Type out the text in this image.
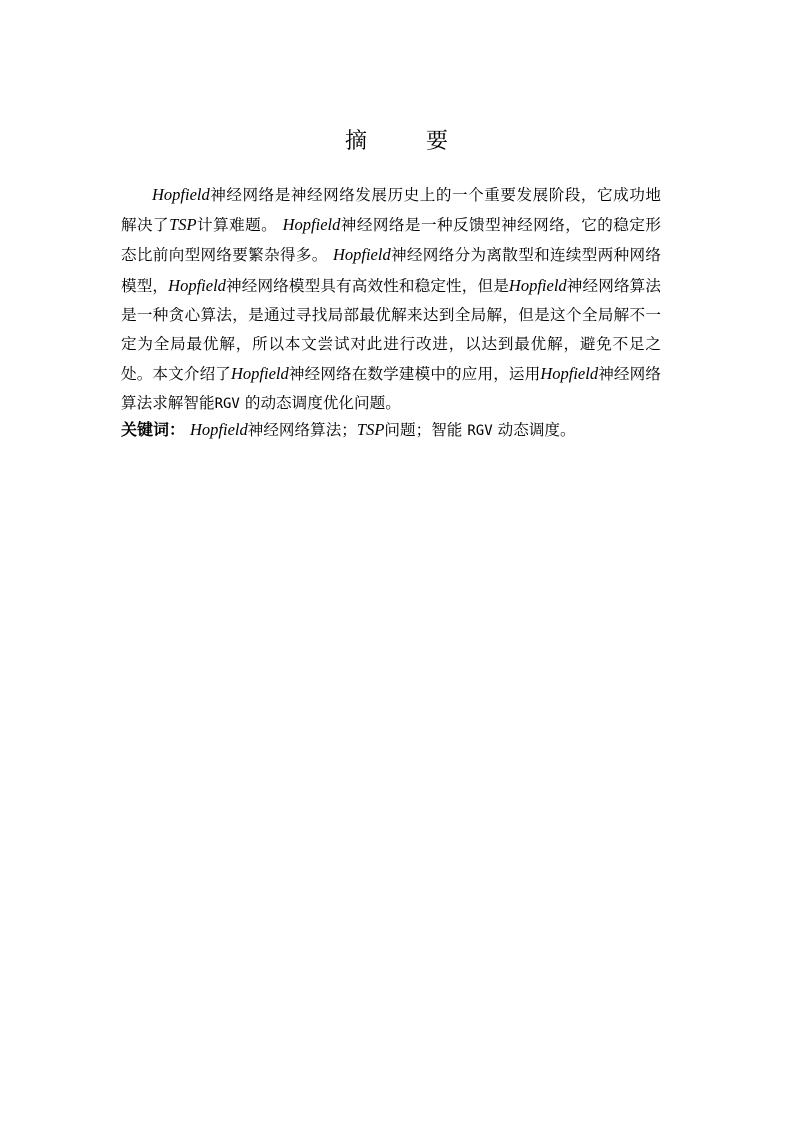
摘 要

Hopfield神经网络是神经网络发展历史上的一个重要发展阶段，它成功地解决了TSP计算难题。 Hopfield神经网络是一种反馈型神经网络，它的稳定形态比前向型网络要繁杂得多。 Hopfield神经网络分为离散型和连续型两种网络模型，Hopfield神经网络模型具有高效性和稳定性，但是Hopfield神经网络算法是一种贪心算法，是通过寻找局部最优解来达到全局解，但是这个全局解不一定为全局最优解，所以本文尝试对此进行改进，以达到最优解，避免不足之处。本文介绍了Hopfield神经网络在数学建模中的应用，运用Hopfield神经网络算法求解智能RGV 的动态调度优化问题。

关键词： Hopfield神经网络算法；TSP问题；智能 RGV 动态调度。
